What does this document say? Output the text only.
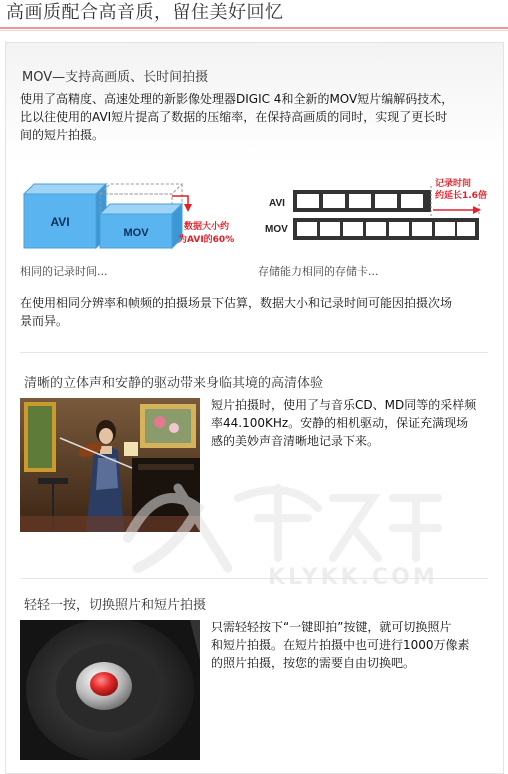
高画质配合高音质，留住美好回忆
MOV—支持高画质、长时间拍摄
使用了高精度、高速处理的新影像处理器DIGIC 4和全新的MOV短片编解码技术，
比以往使用的AVI短片提高了数据的压缩率，在保持高画质的同时，实现了更长时
间的短片拍摄。
AVI
MOV	数据大小约
为AVI的60%
AVI
MOV
记录时间
约延长1.6倍
相同的记录时间...	存储能力相同的存储卡...
在使用相同分辨率和帧频的拍摄场景下估算，数据大小和记录时间可能因拍摄次场
景而异。
清晰的立体声和安静的驱动带来身临其境的高清体验
短片拍摄时，使用了与音乐CD、MD同等的采样频
率44.100KHz。安静的相机驱动，保证充满现场
感的美妙声音清晰地记录下来。
轻轻一按，切换照片和短片拍摄
只需轻轻按下“一键即拍”按键，就可切换照片
和短片拍摄。在短片拍摄中也可进行1000万像素
的照片拍摄，按您的需要自由切换吧。
KLYKK.COM
